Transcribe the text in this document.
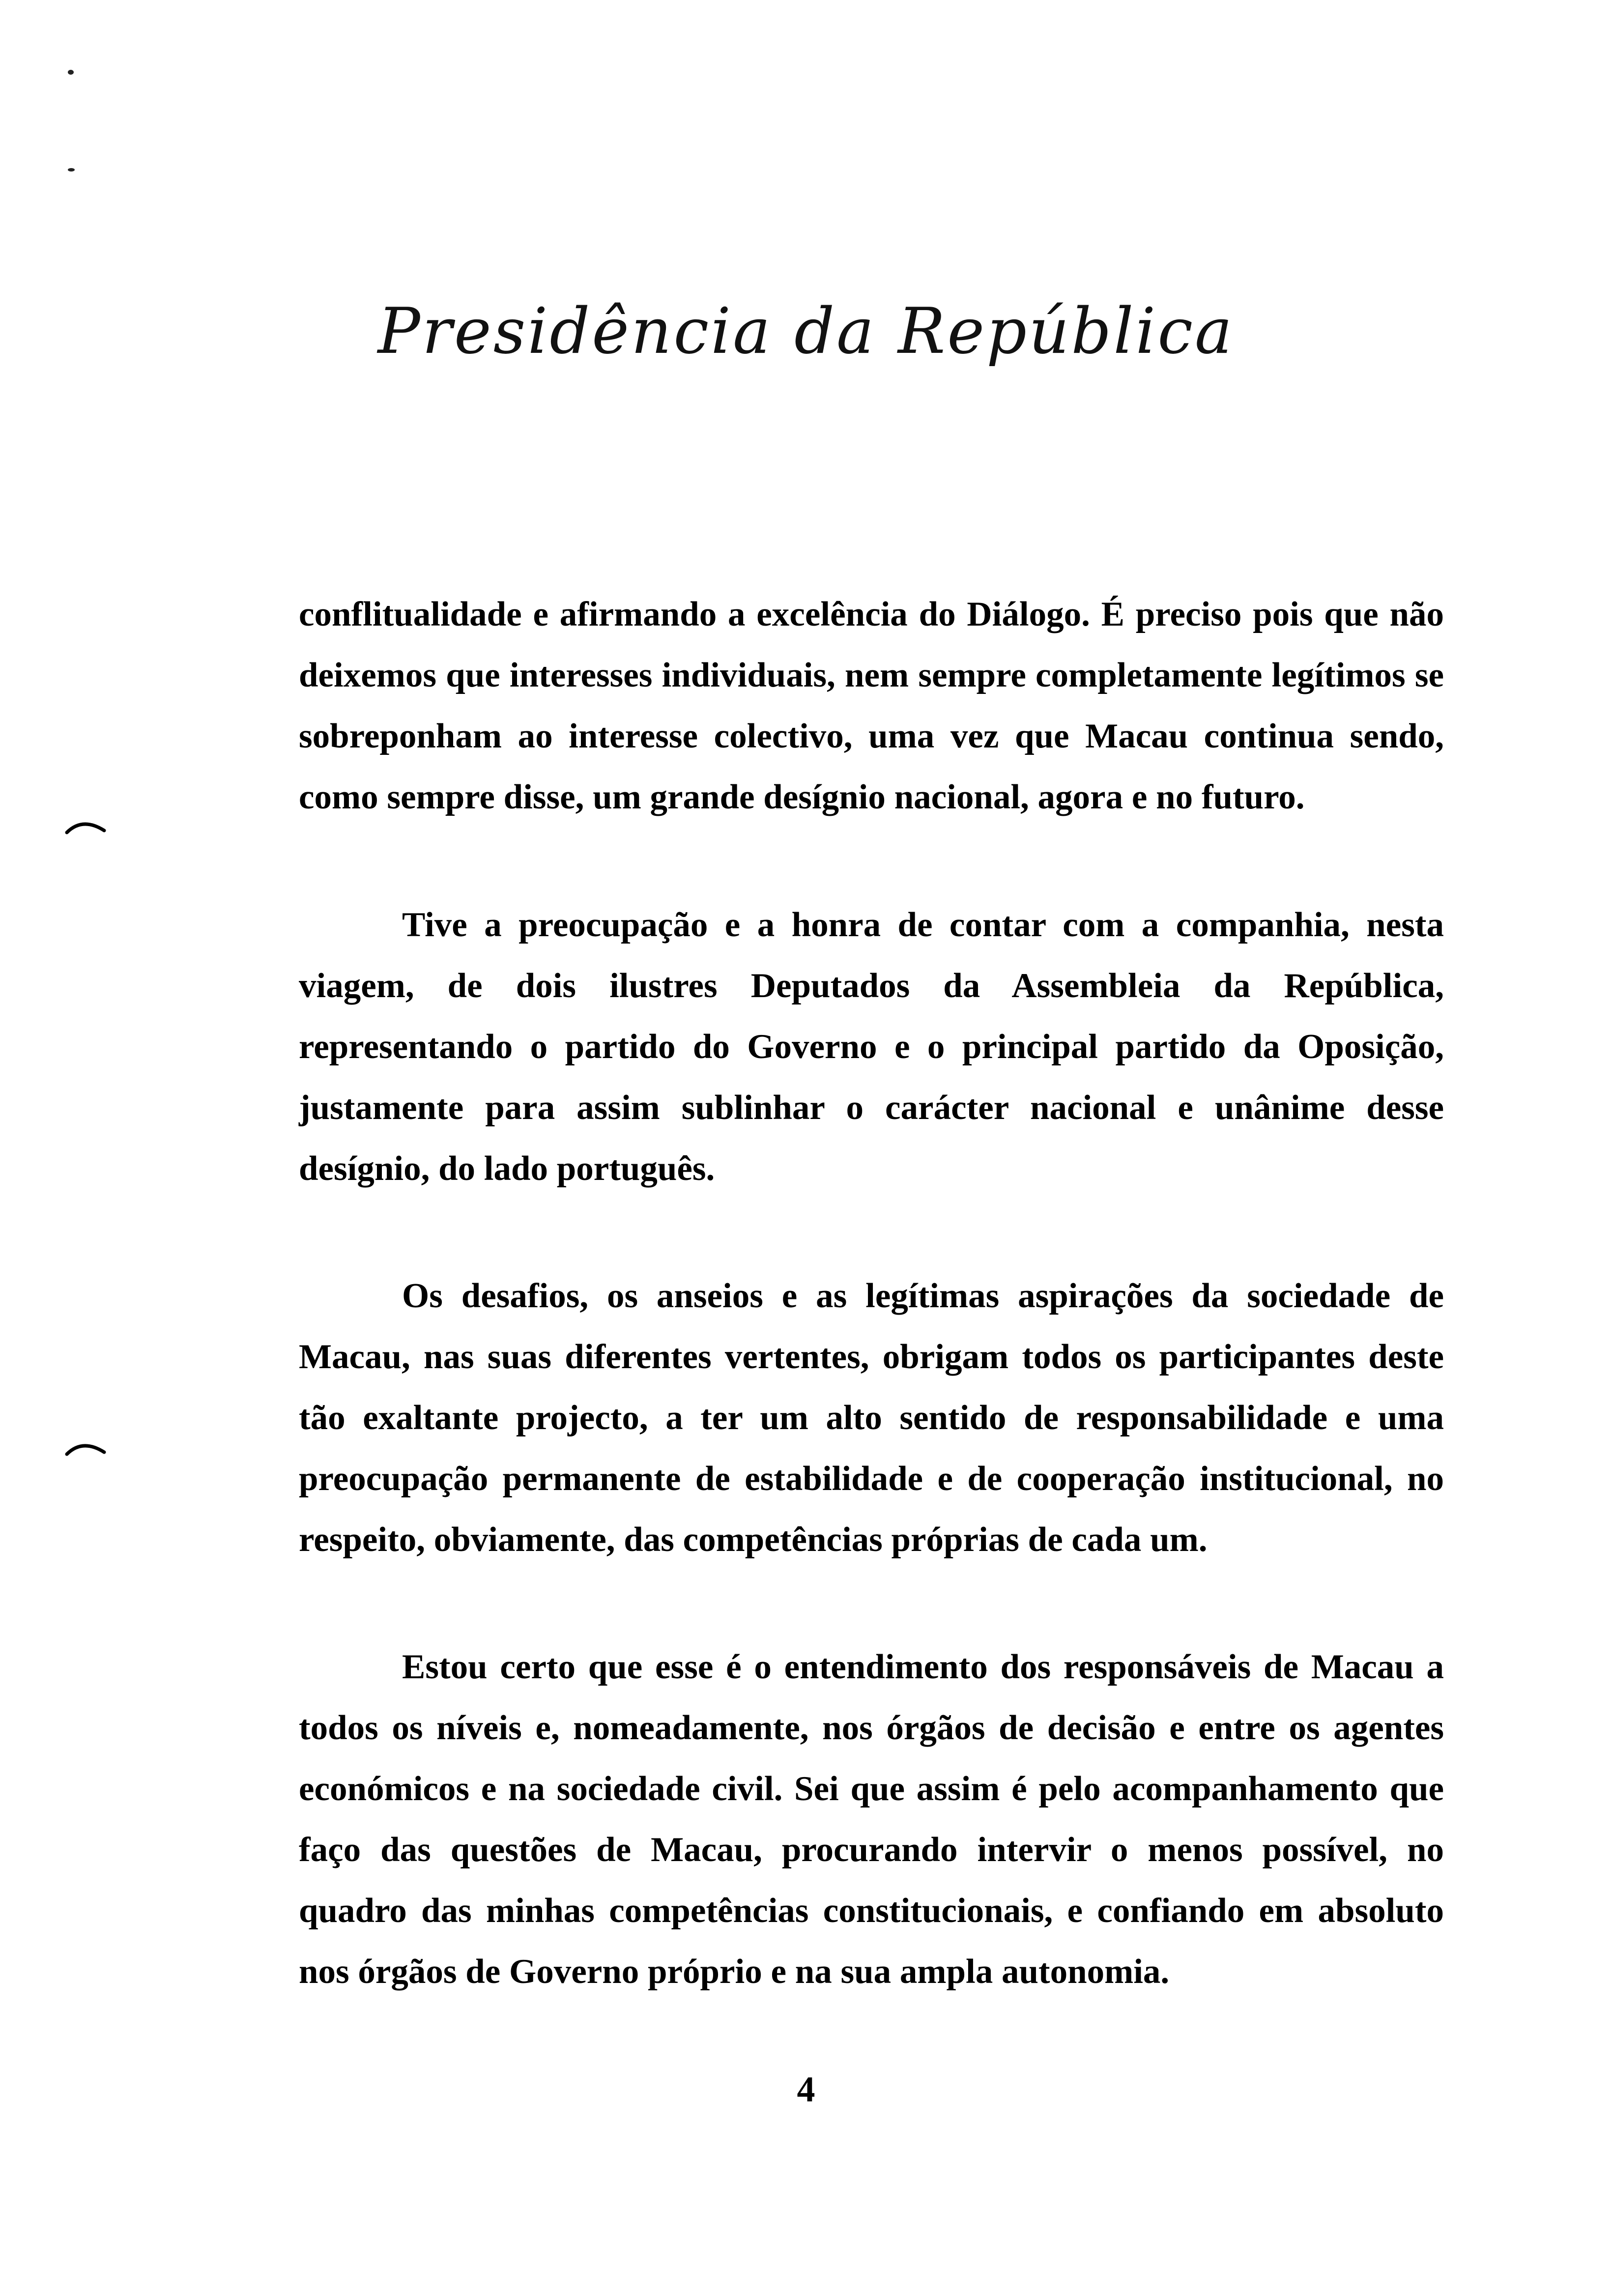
Presidência da República
conflitualidade e afirmando a excelência do Diálogo. É preciso pois que não deixemos que interesses individuais, nem sempre completamente legítimos se sobreponham ao interesse colectivo, uma vez que Macau continua sendo, como sempre disse, um grande desígnio nacional, agora e no futuro.
Tive a preocupação e a honra de contar com a companhia, nesta viagem, de dois ilustres Deputados da Assembleia da República, representando o partido do Governo e o principal partido da Oposição, justamente para assim sublinhar o carácter nacional e unânime desse desígnio, do lado português.
Os desafios, os anseios e as legítimas aspirações da sociedade de Macau, nas suas diferentes vertentes, obrigam todos os participantes deste tão exaltante projecto, a ter um alto sentido de responsabilidade e uma preocupação permanente de estabilidade e de cooperação institucional, no respeito, obviamente, das competências próprias de cada um.
Estou certo que esse é o entendimento dos responsáveis de Macau a todos os níveis e, nomeadamente, nos órgãos de decisão e entre os agentes económicos e na sociedade civil. Sei que assim é pelo acompanhamento que faço das questões de Macau, procurando intervir o menos possível, no quadro das minhas competências constitucionais, e confiando em absoluto nos órgãos de Governo próprio e na sua ampla autonomia.
4
